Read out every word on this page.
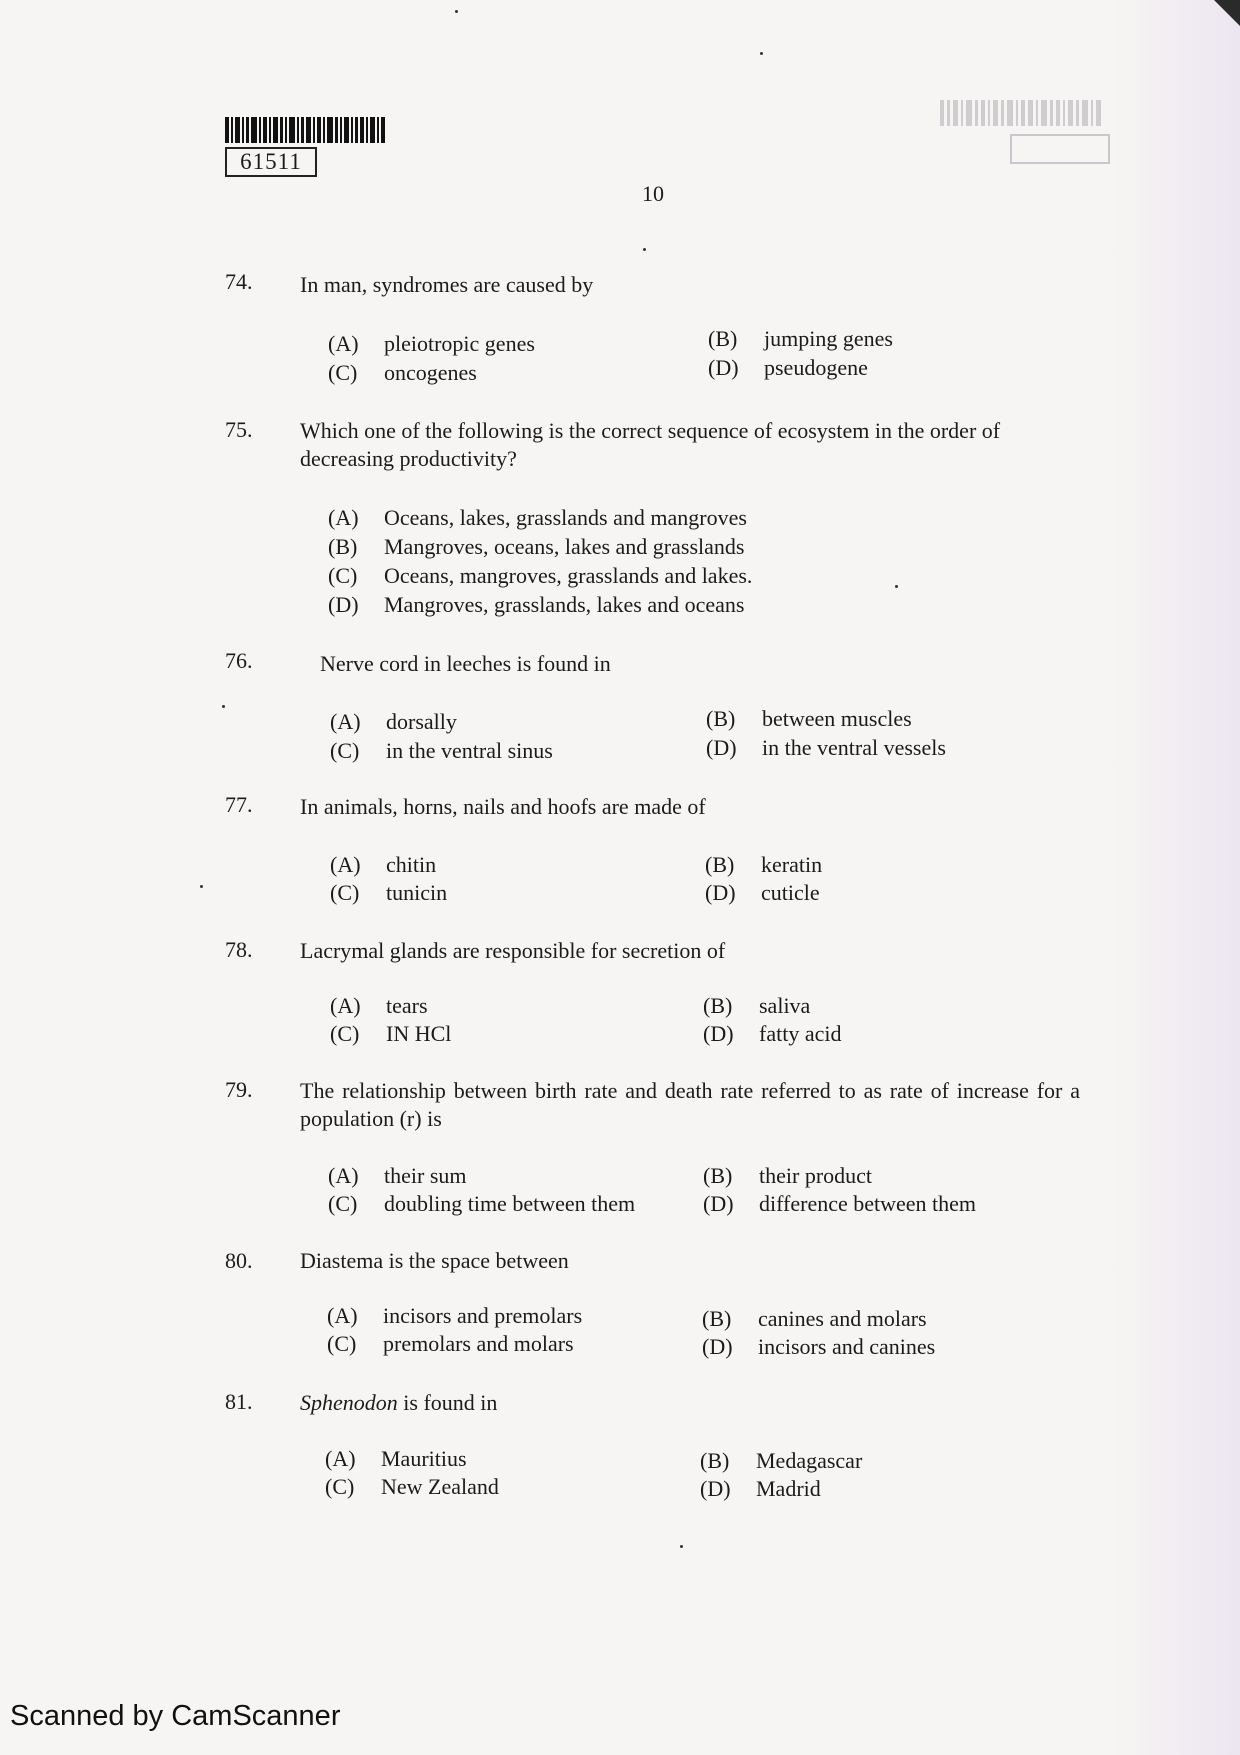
61511
10
74. In man, syndromes are caused by
(A) pleiotropic genes	(B) jumping genes
(C) oncogenes	(D) pseudogene
75. Which one of the following is the correct sequence of ecosystem in the order of decreasing productivity?
(A) Oceans, lakes, grasslands and mangroves
(B) Mangroves, oceans, lakes and grasslands
(C) Oceans, mangroves, grasslands and lakes.
(D) Mangroves, grasslands, lakes and oceans
76.	Nerve cord in leeches is found in
(A) dorsally	(B) between muscles
(C) in the ventral sinus	(D) in the ventral vessels
77. In animals, horns, nails and hoofs are made of
(A) chitin	(B) keratin
(C) tunicin	(D) cuticle
78. Lacrymal glands are responsible for secretion of
(A) tears	(B) saliva
(C) IN HCl	(D) fatty acid
79. The relationship between birth rate and death rate referred to as rate of increase for a population (r) is
(A) their sum	(B) their product
(C) doubling time between them	(D) difference between them
80. Diastema is the space between
(A) incisors and premolars	(B) canines and molars
(C) premolars and molars	(D) incisors and canines
81. Sphenodon is found in
(A) Mauritius	(B) Medagascar
(C) New Zealand	(D) Madrid
Scanned by CamScanner
